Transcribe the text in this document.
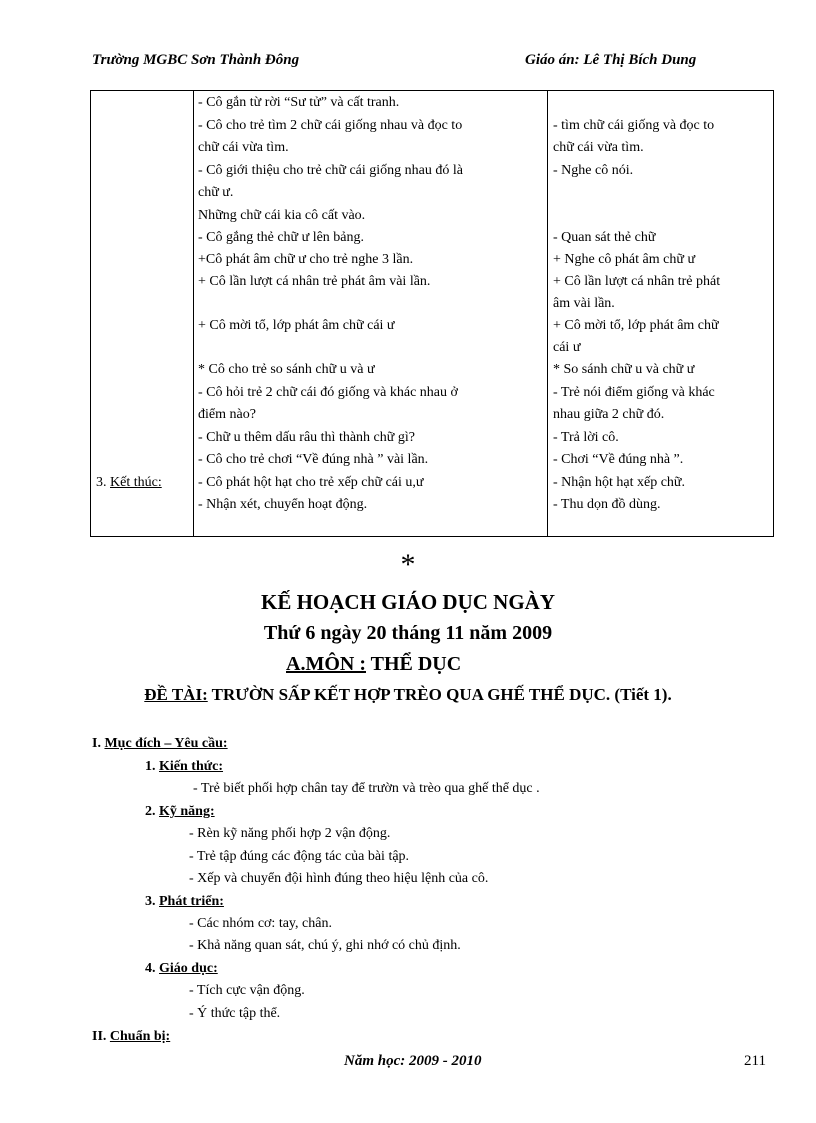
Trường MGBC Sơn Thành Đông	Giáo án: Lê Thị Bích Dung
3. Kết thúc:
- Cô gắn từ rời “Sư tử” và cất tranh.
- Cô cho trẻ tìm 2 chữ cái giống nhau và đọc to
chữ cái vừa tìm.
- Cô giới thiệu cho trẻ chữ cái giống nhau đó là
chữ ư.
Những chữ cái kia cô cất vào.
- Cô gắng thẻ chữ ư lên bảng.
+Cô phát âm chữ ư cho trẻ nghe 3 lần.
+ Cô lần lượt cá nhân trẻ phát âm vài lần.
+ Cô mời tổ, lớp phát âm chữ cái ư
* Cô cho trẻ so sánh chữ u và ư
- Cô hỏi trẻ 2 chữ cái đó giống và khác nhau ở
điểm nào?
- Chữ u thêm dấu râu thì thành chữ gì?
- Cô cho trẻ chơi “Về đúng nhà ” vài lần.
- Cô phát hột hạt cho trẻ xếp chữ cái u,ư
- Nhận xét, chuyển hoạt động.
- tìm chữ cái giống và đọc to
chữ cái vừa tìm.
- Nghe cô nói.
- Quan sát thẻ chữ
+ Nghe cô phát âm chữ ư
+ Cô lần lượt cá nhân trẻ phát
âm vài lần.
+ Cô mời tổ, lớp phát âm chữ
cái ư
* So sánh chữ u và chữ ư
- Trẻ nói điểm giống và khác
nhau giữa 2 chữ đó.
- Trả lời cô.
- Chơi “Về đúng nhà ”.
- Nhận hột hạt xếp chữ.
- Thu dọn đồ dùng.
*
KẾ HOẠCH GIÁO DỤC NGÀY
Thứ 6 ngày 20 tháng 11 năm 2009
A.MÔN : THỂ DỤC
ĐỀ TÀI: TRƯỜN SẤP KẾT HỢP TRÈO QUA GHẾ THỂ DỤC. (Tiết 1).
I. Mục đích – Yêu cầu:
1. Kiến thức:
- Trẻ biết phối hợp chân tay để trườn và trèo qua ghế thể dục .
2. Kỹ năng:
- Rèn kỹ năng phối hợp 2 vận động.
- Trẻ tập đúng các động tác của bài tập.
- Xếp và chuyển đội hình đúng theo hiệu lệnh của cô.
3. Phát triển:
- Các nhóm cơ: tay, chân.
- Khả năng quan sát, chú ý, ghi nhớ có chủ định.
4. Giáo dục:
- Tích cực vận động.
- Ý thức tập thể.
II. Chuẩn bị:
Năm học: 2009 - 2010	211
